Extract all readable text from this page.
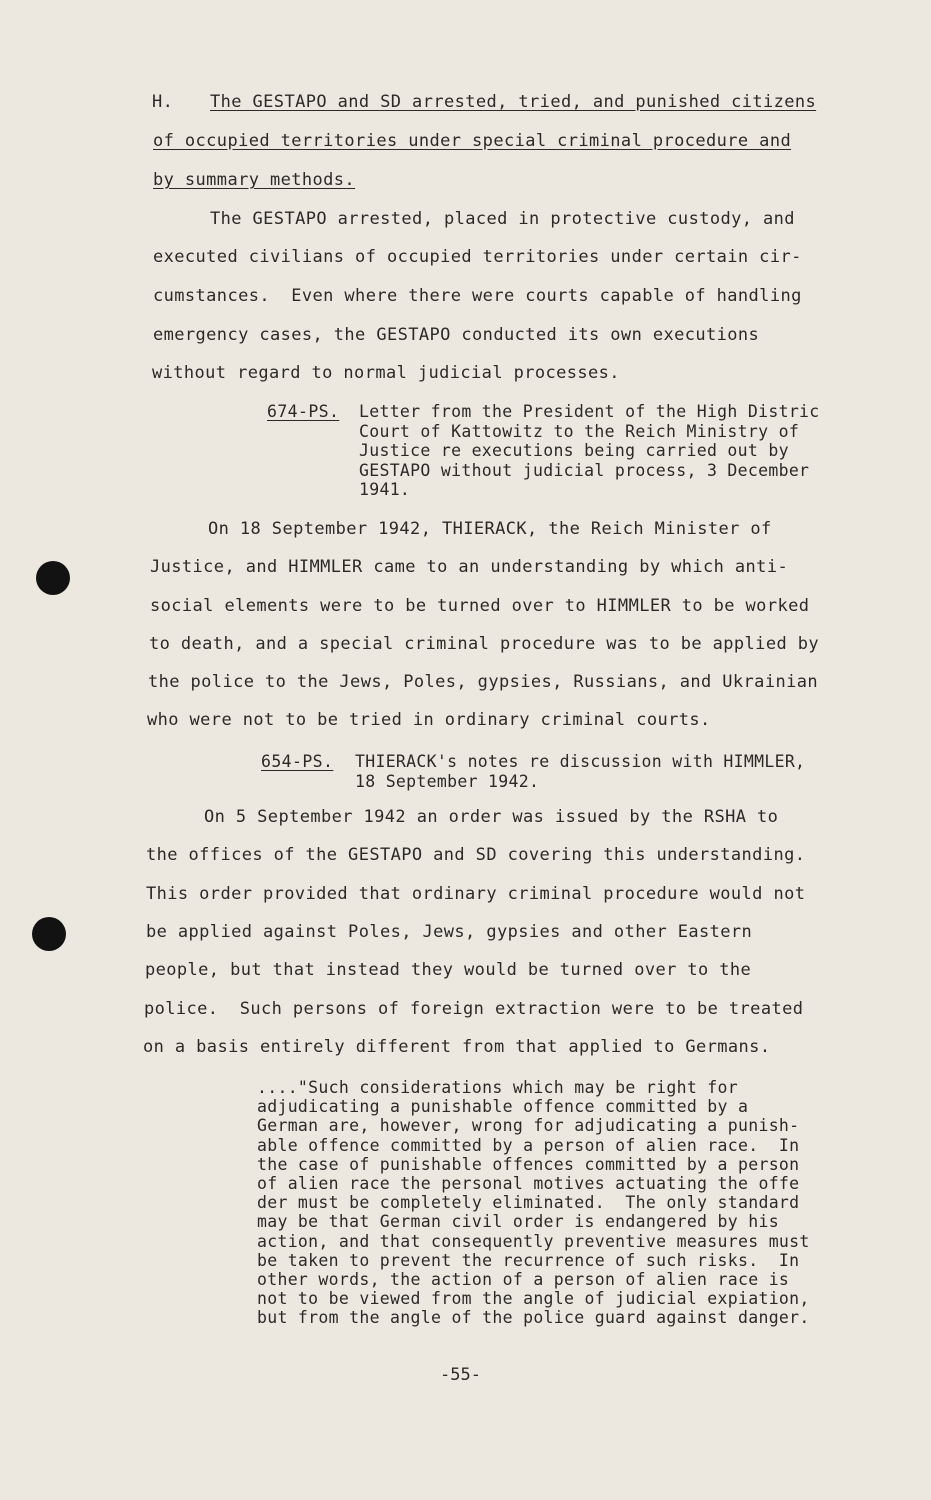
H. The GESTAPO and SD arrested, tried, and punished citizens
of occupied territories under special criminal procedure and
by summary methods.
The GESTAPO arrested, placed in protective custody, and
executed civilians of occupied territories under certain cir-
cumstances.  Even where there were courts capable of handling
emergency cases, the GESTAPO conducted its own executions
without regard to normal judicial processes.
674-PS. Letter from the President of the High Distric
Court of Kattowitz to the Reich Ministry of
Justice re executions being carried out by
GESTAPO without judicial process, 3 December
1941.
On 18 September 1942, THIERACK, the Reich Minister of
Justice, and HIMMLER came to an understanding by which anti-
social elements were to be turned over to HIMMLER to be worked
to death, and a special criminal procedure was to be applied by
the police to the Jews, Poles, gypsies, Russians, and Ukrainian
who were not to be tried in ordinary criminal courts.
654-PS. THIERACK's notes re discussion with HIMMLER,
18 September 1942.
On 5 September 1942 an order was issued by the RSHA to
the offices of the GESTAPO and SD covering this understanding.
This order provided that ordinary criminal procedure would not
be applied against Poles, Jews, gypsies and other Eastern
people, but that instead they would be turned over to the
police.  Such persons of foreign extraction were to be treated
on a basis entirely different from that applied to Germans.
...."Such considerations which may be right for
adjudicating a punishable offence committed by a
German are, however, wrong for adjudicating a punish-
able offence committed by a person of alien race.  In
the case of punishable offences committed by a person
of alien race the personal motives actuating the offe
der must be completely eliminated.  The only standard
may be that German civil order is endangered by his
action, and that consequently preventive measures must
be taken to prevent the recurrence of such risks.  In
other words, the action of a person of alien race is
not to be viewed from the angle of judicial expiation,
but from the angle of the police guard against danger.
-55-
